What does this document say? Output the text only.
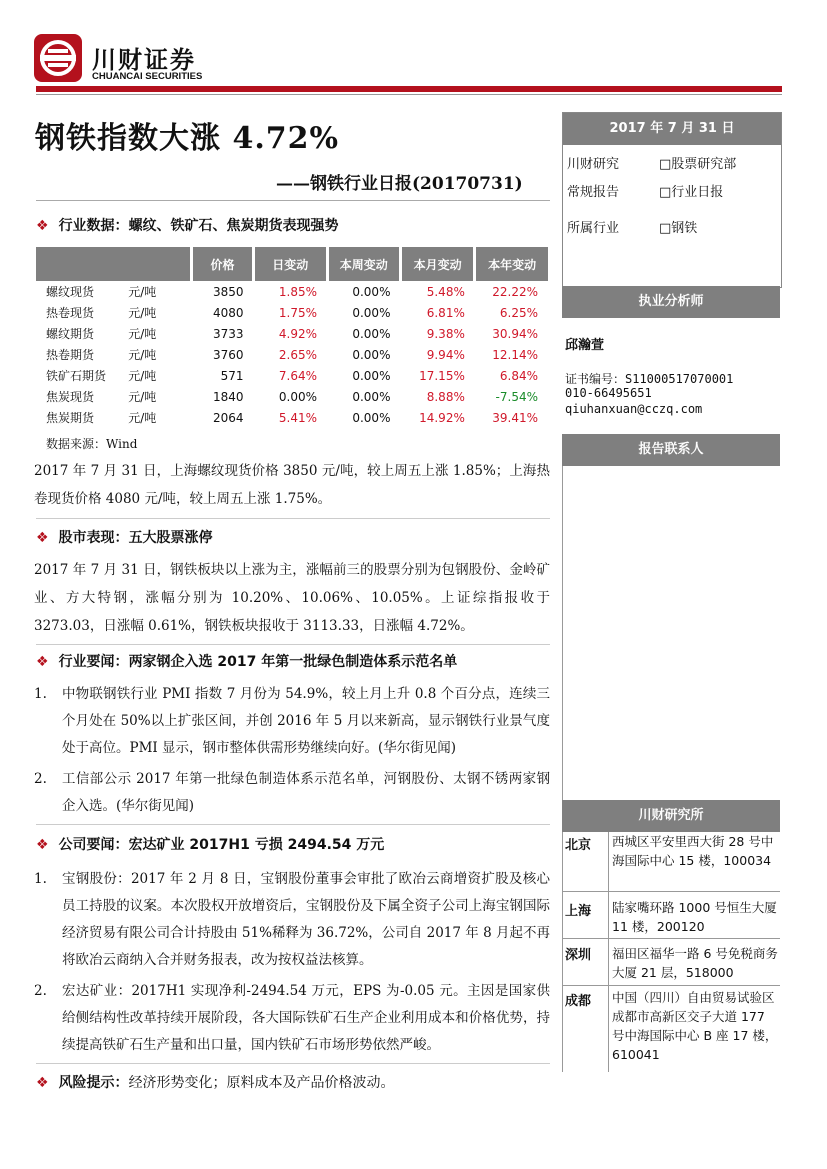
川财证券
CHUANCAI SECURITIES
钢铁指数大涨 4.72%
——钢铁行业日报(20170731)
❖ 行业数据：螺纹、铁矿石、焦炭期货表现强势
		价格	日变动	本周变动	本月变动	本年变动
螺纹现货	元/吨	3850	1.85%	0.00%	5.48%	22.22%
热卷现货	元/吨	4080	1.75%	0.00%	6.81%	6.25%
螺纹期货	元/吨	3733	4.92%	0.00%	9.38%	30.94%
热卷期货	元/吨	3760	2.65%	0.00%	9.94%	12.14%
铁矿石期货	元/吨	571	7.64%	0.00%	17.15%	6.84%
焦炭现货	元/吨	1840	0.00%	0.00%	8.88%	-7.54%
焦炭期货	元/吨	2064	5.41%	0.00%	14.92%	39.41%
数据来源：Wind
2017 年 7 月 31 日，上海螺纹现货价格 3850 元/吨，较上周五上涨 1.85%；上海热卷现货价格 4080 元/吨，较上周五上涨 1.75%。
❖ 股市表现：五大股票涨停
2017 年 7 月 31 日，钢铁板块以上涨为主，涨幅前三的股票分别为包钢股份、金岭矿业、方大特钢，涨幅分别为 10.20%、10.06%、10.05%。上证综指报收于 3273.03，日涨幅 0.61%，钢铁板块报收于 3113.33，日涨幅 4.72%。
❖ 行业要闻：两家钢企入选 2017 年第一批绿色制造体系示范名单
1. 中物联钢铁行业 PMI 指数 7 月份为 54.9%，较上月上升 0.8 个百分点，连续三个月处在 50%以上扩张区间，并创 2016 年 5 月以来新高，显示钢铁行业景气度处于高位。PMI 显示，钢市整体供需形势继续向好。(华尔街见闻)
2. 工信部公示 2017 年第一批绿色制造体系示范名单，河钢股份、太钢不锈两家钢企入选。(华尔街见闻)
❖ 公司要闻：宏达矿业 2017H1 亏损 2494.54 万元
1. 宝钢股份：2017 年 2 月 8 日，宝钢股份董事会审批了欧冶云商增资扩股及核心员工持股的议案。本次股权开放增资后，宝钢股份及下属全资子公司上海宝钢国际经济贸易有限公司合计持股由 51%稀释为 36.72%，公司自 2017 年 8 月起不再将欧冶云商纳入合并财务报表，改为按权益法核算。
2. 宏达矿业：2017H1 实现净利-2494.54 万元，EPS 为-0.05 元。主因是国家供给侧结构性改革持续开展阶段，各大国际铁矿石生产企业利用成本和价格优势，持续提高铁矿石生产量和出口量，国内铁矿石市场形势依然严峻。
❖ 风险提示：经济形势变化；原料成本及产品价格波动。
2017 年 7 月 31 日
川财研究	□股票研究部
常规报告	□行业日报
所属行业	□钢铁
执业分析师
邱瀚萱
证书编号：S1100051707000​1
010-66495651
qiuhanxuan@cczq.com
报告联系人
川财研究所
北京 西城区平安里西大街 28 号中海国际中心 15 楼，100034
上海 陆家嘴环路 1000 号恒生大厦 11 楼，200120
深圳 福田区福华一路 6 号免税商务大厦 21 层，518000
成都 中国（四川）自由贸易试验区成都市高新区交子大道 177 号中海国际中心 B 座 17 楼，610041
